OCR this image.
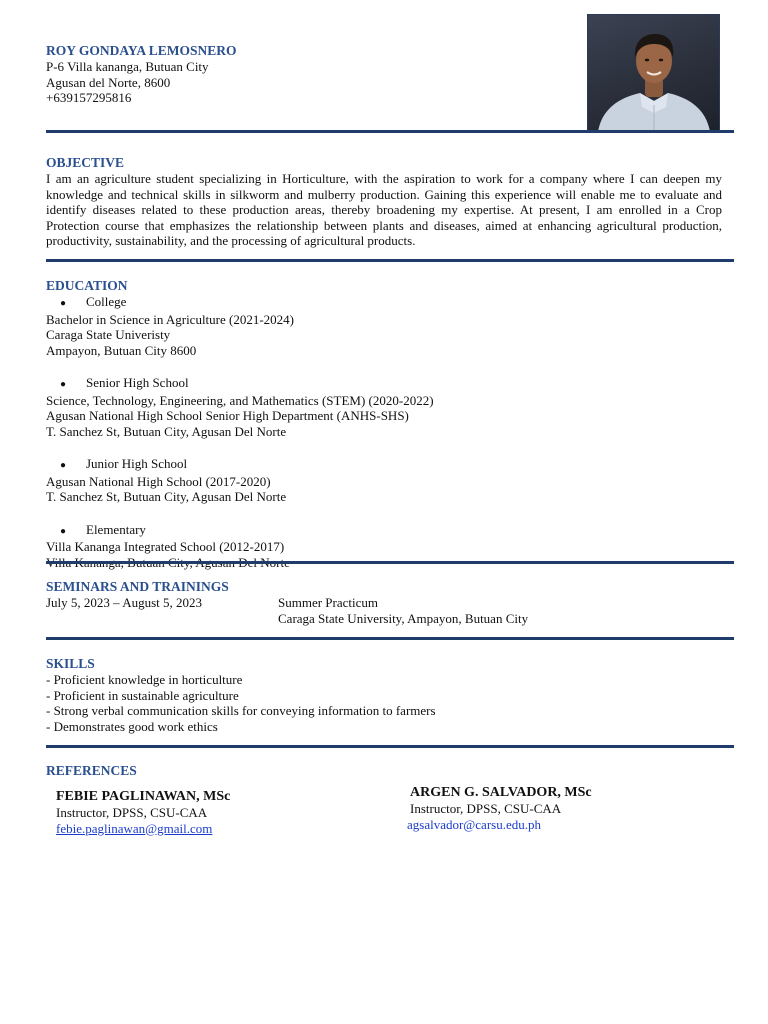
ROY GONDAYA LEMOSNERO
P-6 Villa kananga, Butuan City
Agusan del Norte, 8600
+639157295816
OBJECTIVE
I am an agriculture student specializing in Horticulture, with the aspiration to work for a company where I can deepen my knowledge and technical skills in silkworm and mulberry production. Gaining this experience will enable me to evaluate and identify diseases related to these production areas, thereby broadening my expertise. At present, I am enrolled in a Crop Protection course that emphasizes the relationship between plants and diseases, aimed at enhancing agricultural production, productivity, sustainability, and the processing of agricultural products.
EDUCATION
● College
Bachelor in Science in Agriculture (2021-2024)
Caraga State Univeristy
Ampayon, Butuan City 8600
● Senior High School
Science, Technology, Engineering, and Mathematics (STEM) (2020-2022)
Agusan National High School Senior High Department (ANHS-SHS)
T. Sanchez St, Butuan City, Agusan Del Norte
● Junior High School
Agusan National High School (2017-2020)
T. Sanchez St, Butuan City, Agusan Del Norte
● Elementary
Villa Kananga Integrated School (2012-2017)
SEMINARS AND TRAININGS
July 5, 2023 – August 5, 2023	Summer Practicum
Caraga State University, Ampayon, Butuan City
SKILLS
- Proficient knowledge in horticulture
- Proficient in sustainable agriculture
- Strong verbal communication skills for conveying information to farmers
- Demonstrates good work ethics
REFERENCES
FEBIE PAGLINAWAN, MSc
Instructor, DPSS, CSU-CAA
febie.paglinawan@gmail.com
ARGEN G. SALVADOR, MSc
Instructor, DPSS, CSU-CAA
agsalvador@carsu.edu.ph
